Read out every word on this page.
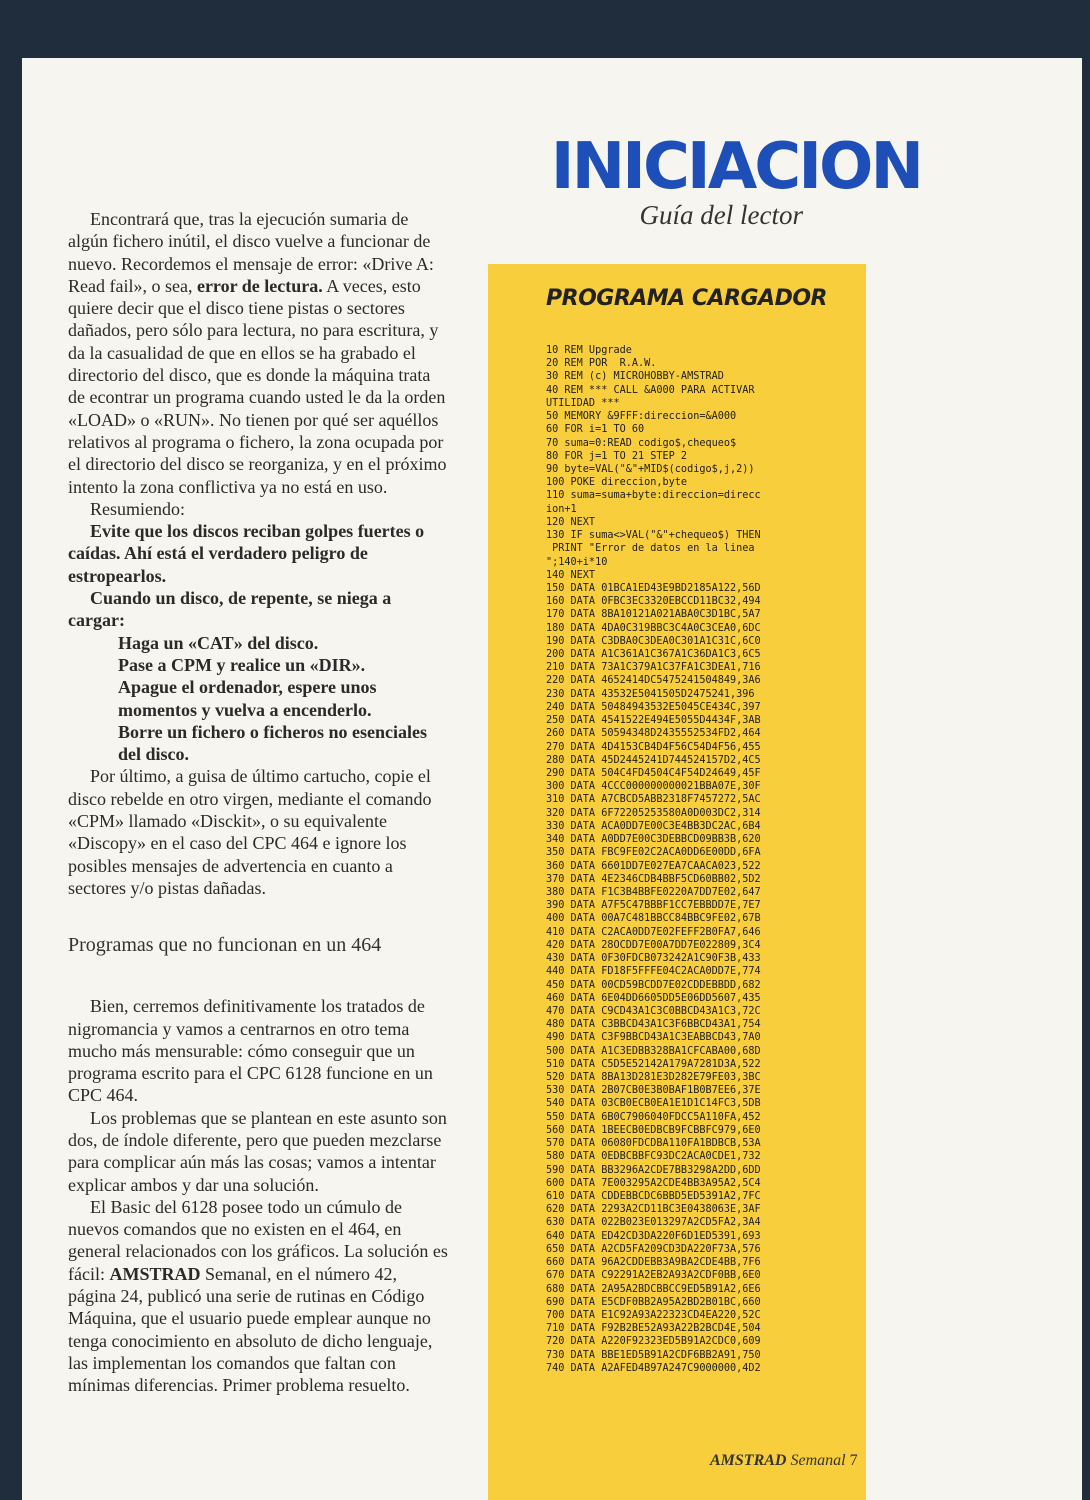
INICIACION

Guía del lector

Encontrará que, tras la ejecución sumaria de algún fichero inútil, el disco vuelve a funcionar de nuevo. Recordemos el mensaje de error: «Drive A: Read fail», o sea, error de lectura. A veces, esto quiere decir que el disco tiene pistas o sectores dañados, pero sólo para lectura, no para escritura, y da la casualidad de que en ellos se ha grabado el directorio del disco, que es donde la máquina trata de econtrar un programa cuando usted le da la orden «LOAD» o «RUN». No tienen por qué ser aquéllos relativos al programa o fichero, la zona ocupada por el directorio del disco se reorganiza, y en el próximo intento la zona conflictiva ya no está en uso.

Resumiendo:

Evite que los discos reciban golpes fuertes o caídas. Ahí está el verdadero peligro de estropearlos.

Cuando un disco, de repente, se niega a cargar:

Haga un «CAT» del disco.

Pase a CPM y realice un «DIR».

Apague el ordenador, espere unos momentos y vuelva a encenderlo.

Borre un fichero o ficheros no esenciales del disco.

Por último, a guisa de último cartucho, copie el disco rebelde en otro virgen, mediante el comando «CPM» llamado «Disckit», o su equivalente «Discopy» en el caso del CPC 464 e ignore los posibles mensajes de advertencia en cuanto a sectores y/o pistas dañadas.

Programas que no funcionan en un 464

Bien, cerremos definitivamente los tratados de nigromancia y vamos a centrarnos en otro tema mucho más mensurable: cómo conseguir que un programa escrito para el CPC 6128 funcione en un CPC 464.

Los problemas que se plantean en este asunto son dos, de índole diferente, pero que pueden mezclarse para complicar aún más las cosas; vamos a intentar explicar ambos y dar una solución.

El Basic del 6128 posee todo un cúmulo de nuevos comandos que no existen en el 464, en general relacionados con los gráficos. La solución es fácil: AMSTRAD Semanal, en el número 42, página 24, publicó una serie de rutinas en Código Máquina, que el usuario puede emplear aunque no tenga conocimiento en absoluto de dicho lenguaje, las implementan los comandos que faltan con mínimas diferencias. Primer problema resuelto.

PROGRAMA CARGADOR
10 REM Upgrade
20 REM POR  R.A.W.
30 REM (c) MICROHOBBY-AMSTRAD
40 REM *** CALL &A000 PARA ACTIVAR
UTILIDAD ***
50 MEMORY &9FFF:direccion=&A000
60 FOR i=1 TO 60
70 suma=0:READ codigo$,chequeo$
80 FOR j=1 TO 21 STEP 2
90 byte=VAL("&"+MID$(codigo$,j,2))
100 POKE direccion,byte
110 suma=suma+byte:direccion=direcc
ion+1
120 NEXT
130 IF suma<>VAL("&"+chequeo$) THEN
PRINT "Error de datos en la linea
";140+i*10
140 NEXT
150 DATA 01BCA1ED43E9BD2185A122,56D
160 DATA 0FBC3EC3320EBCCD11BC32,494
170 DATA 8BA10121A021ABA0C3D1BC,5A7
180 DATA 4DA0C319BBC3C4A0C3CEA0,6DC
190 DATA C3DBA0C3DEA0C301A1C31C,6C0
200 DATA A1C361A1C367A1C36DA1C3,6C5
210 DATA 73A1C379A1C37FA1C3DEA1,716
220 DATA 4652414DC5475241504849,3A6
230 DATA 43532E5041505D2475241,396
240 DATA 50484943532E5045CE434C,397
250 DATA 4541522E494E5055D4434F,3AB
260 DATA 50594348D2435552534FD2,464
270 DATA 4D4153CB4D4F56C54D4F56,455
280 DATA 45D2445241D744524157D2,4C5
290 DATA 504C4FD4504C4F54D24649,45F
300 DATA 4CCC000000000021BBA07E,30F
310 DATA A7CBCD5ABB2318F7457272,5AC
320 DATA 6F72205253580A0D003DC2,314
330 DATA ACA0DD7E00C3E4BB3DC2AC,6B4
340 DATA A0DD7E00C3DEBBCD09BB3B,620
350 DATA FBC9FE02C2ACA0DD6E00DD,6FA
360 DATA 6601DD7E027EA7CAACA023,522
370 DATA 4E2346CDB4BBF5CD60BB02,5D2
380 DATA F1C3B4BBFE0220A7DD7E02,647
390 DATA A7F5C47BBBF1CC7EBBDD7E,7E7
400 DATA 00A7C481BBCC84BBC9FE02,67B
410 DATA C2ACA0DD7E02FEFF2B0FA7,646
420 DATA 28OCDD7E00A7DD7E022809,3C4
430 DATA 0F30FDCB073242A1C90F3B,433
440 DATA FD18F5FFFE04C2ACA0DD7E,774
450 DATA 00CD59BCDD7E02CDDEBBDD,682
460 DATA 6E04DD6605DD5E06DD5607,435
470 DATA C9CD43A1C3C0BBCD43A1C3,72C
480 DATA C3BBCD43A1C3F6BBCD43A1,754
490 DATA C3F9BBCD43A1C3EABBCD43,7A0
500 DATA A1C3EDBB328BA1CFCABA00,68D
510 DATA C5D5E52142A179A7281D3A,522
520 DATA 8BA13D281E3D282E79FE03,3BC
530 DATA 2B07CB0E3B0BAF1B0B7EE6,37E
540 DATA 03CB0ECB0EA1E1D1C14FC3,5DB
550 DATA 6B0C7906040FDCC5A110FA,452
560 DATA 1BEECB0EDBCB9FCBBFC979,6E0
570 DATA 06080FDCDBA110FA1BDBCB,53A
580 DATA 0EDBCBBFC93DC2ACA0CDE1,732
590 DATA BB3296A2CDE7BB3298A2DD,6DD
600 DATA 7E003295A2CDE4BB3A95A2,5C4
610 DATA CDDEBBCDC6BBD5ED5391A2,7FC
620 DATA 2293A2CD11BC3E0438063E,3AF
630 DATA 022B023E013297A2CD5FA2,3A4
640 DATA ED42CD3DA220F6D1ED5391,693
650 DATA A2CD5FA209CD3DA220F73A,576
660 DATA 96A2CDDEBB3A9BA2CDE4BB,7F6
670 DATA C92291A2EB2A93A2CDF0BB,6E0
680 DATA 2A95A2BDCBBCC9ED5B91A2,6E6
690 DATA E5CDF0BB2A95A2BD2B01BC,660
700 DATA E1C92A93A22323CD4EA220,52C
710 DATA F92B2BE52A93A22B2BCD4E,504
720 DATA A220F92323ED5B91A2CDC0,609
730 DATA BBE1ED5B91A2CDF6BB2A91,750
740 DATA A2AFED4B97A247C9000000,4D2
AMSTRAD Semanal 7
